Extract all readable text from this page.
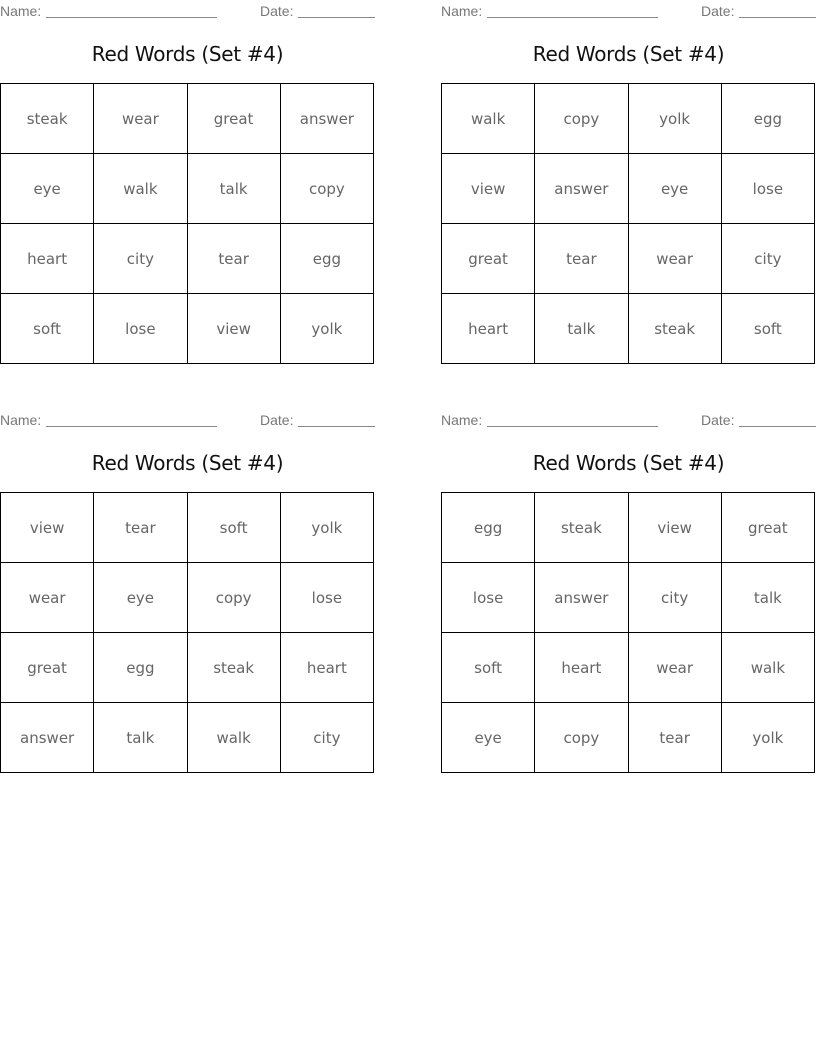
Name:	Date:
Red Words (Set #4)
steak	wear	great	answer
eye	walk	talk	copy
heart	city	tear	egg
soft	lose	view	yolk
Name:	Date:
Red Words (Set #4)
walk	copy	yolk	egg
view	answer	eye	lose
great	tear	wear	city
heart	talk	steak	soft
Name:	Date:
Red Words (Set #4)
view	tear	soft	yolk
wear	eye	copy	lose
great	egg	steak	heart
answer	talk	walk	city
Name:	Date:
Red Words (Set #4)
egg	steak	view	great
lose	answer	city	talk
soft	heart	wear	walk
eye	copy	tear	yolk
